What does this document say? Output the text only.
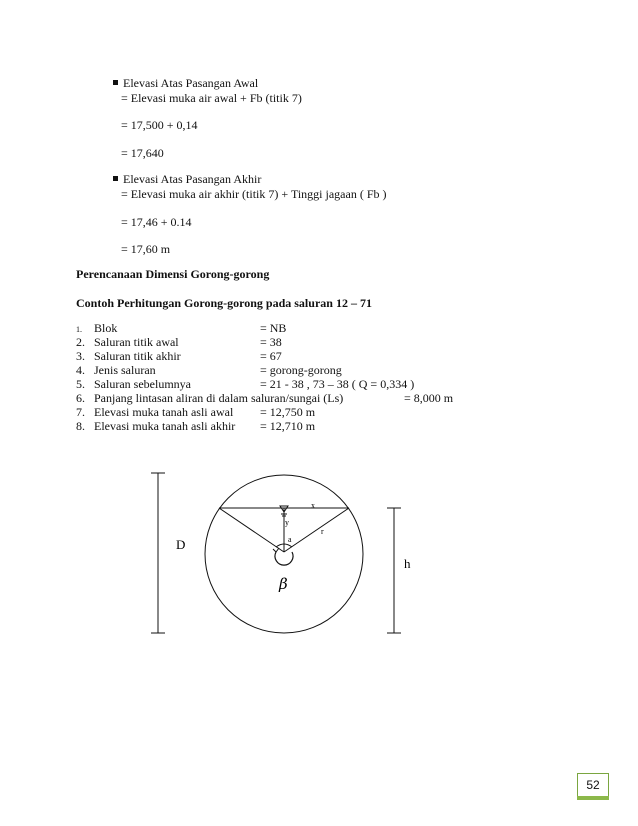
Elevasi Atas Pasangan Awal
= Elevasi muka air awal + Fb (titik 7)
= 17,500 + 0,14
= 17,640
Elevasi Atas Pasangan Akhir
= Elevasi muka air akhir (titik 7) + Tinggi jagaan ( Fb )
= 17,46 + 0.14
= 17,60 m
Perencanaan Dimensi Gorong-gorong
Contoh Perhitungan Gorong-gorong pada saluran 12 – 71
1. Blok	= NB
2. Saluran titik awal	= 38
3. Saluran titik akhir	= 67
4. Jenis saluran	= gorong-gorong
5. Saluran sebelumnya	= 21 - 38 , 73 – 38 ( Q = 0,334 )
6. Panjang lintasan aliran di dalam saluran/sungai (Ls)	= 8,000 m
7. Elevasi muka tanah asli awal = 12,750 m
8. Elevasi muka tanah asli akhir = 12,710 m
D
h
x
y
r
a
β
52
